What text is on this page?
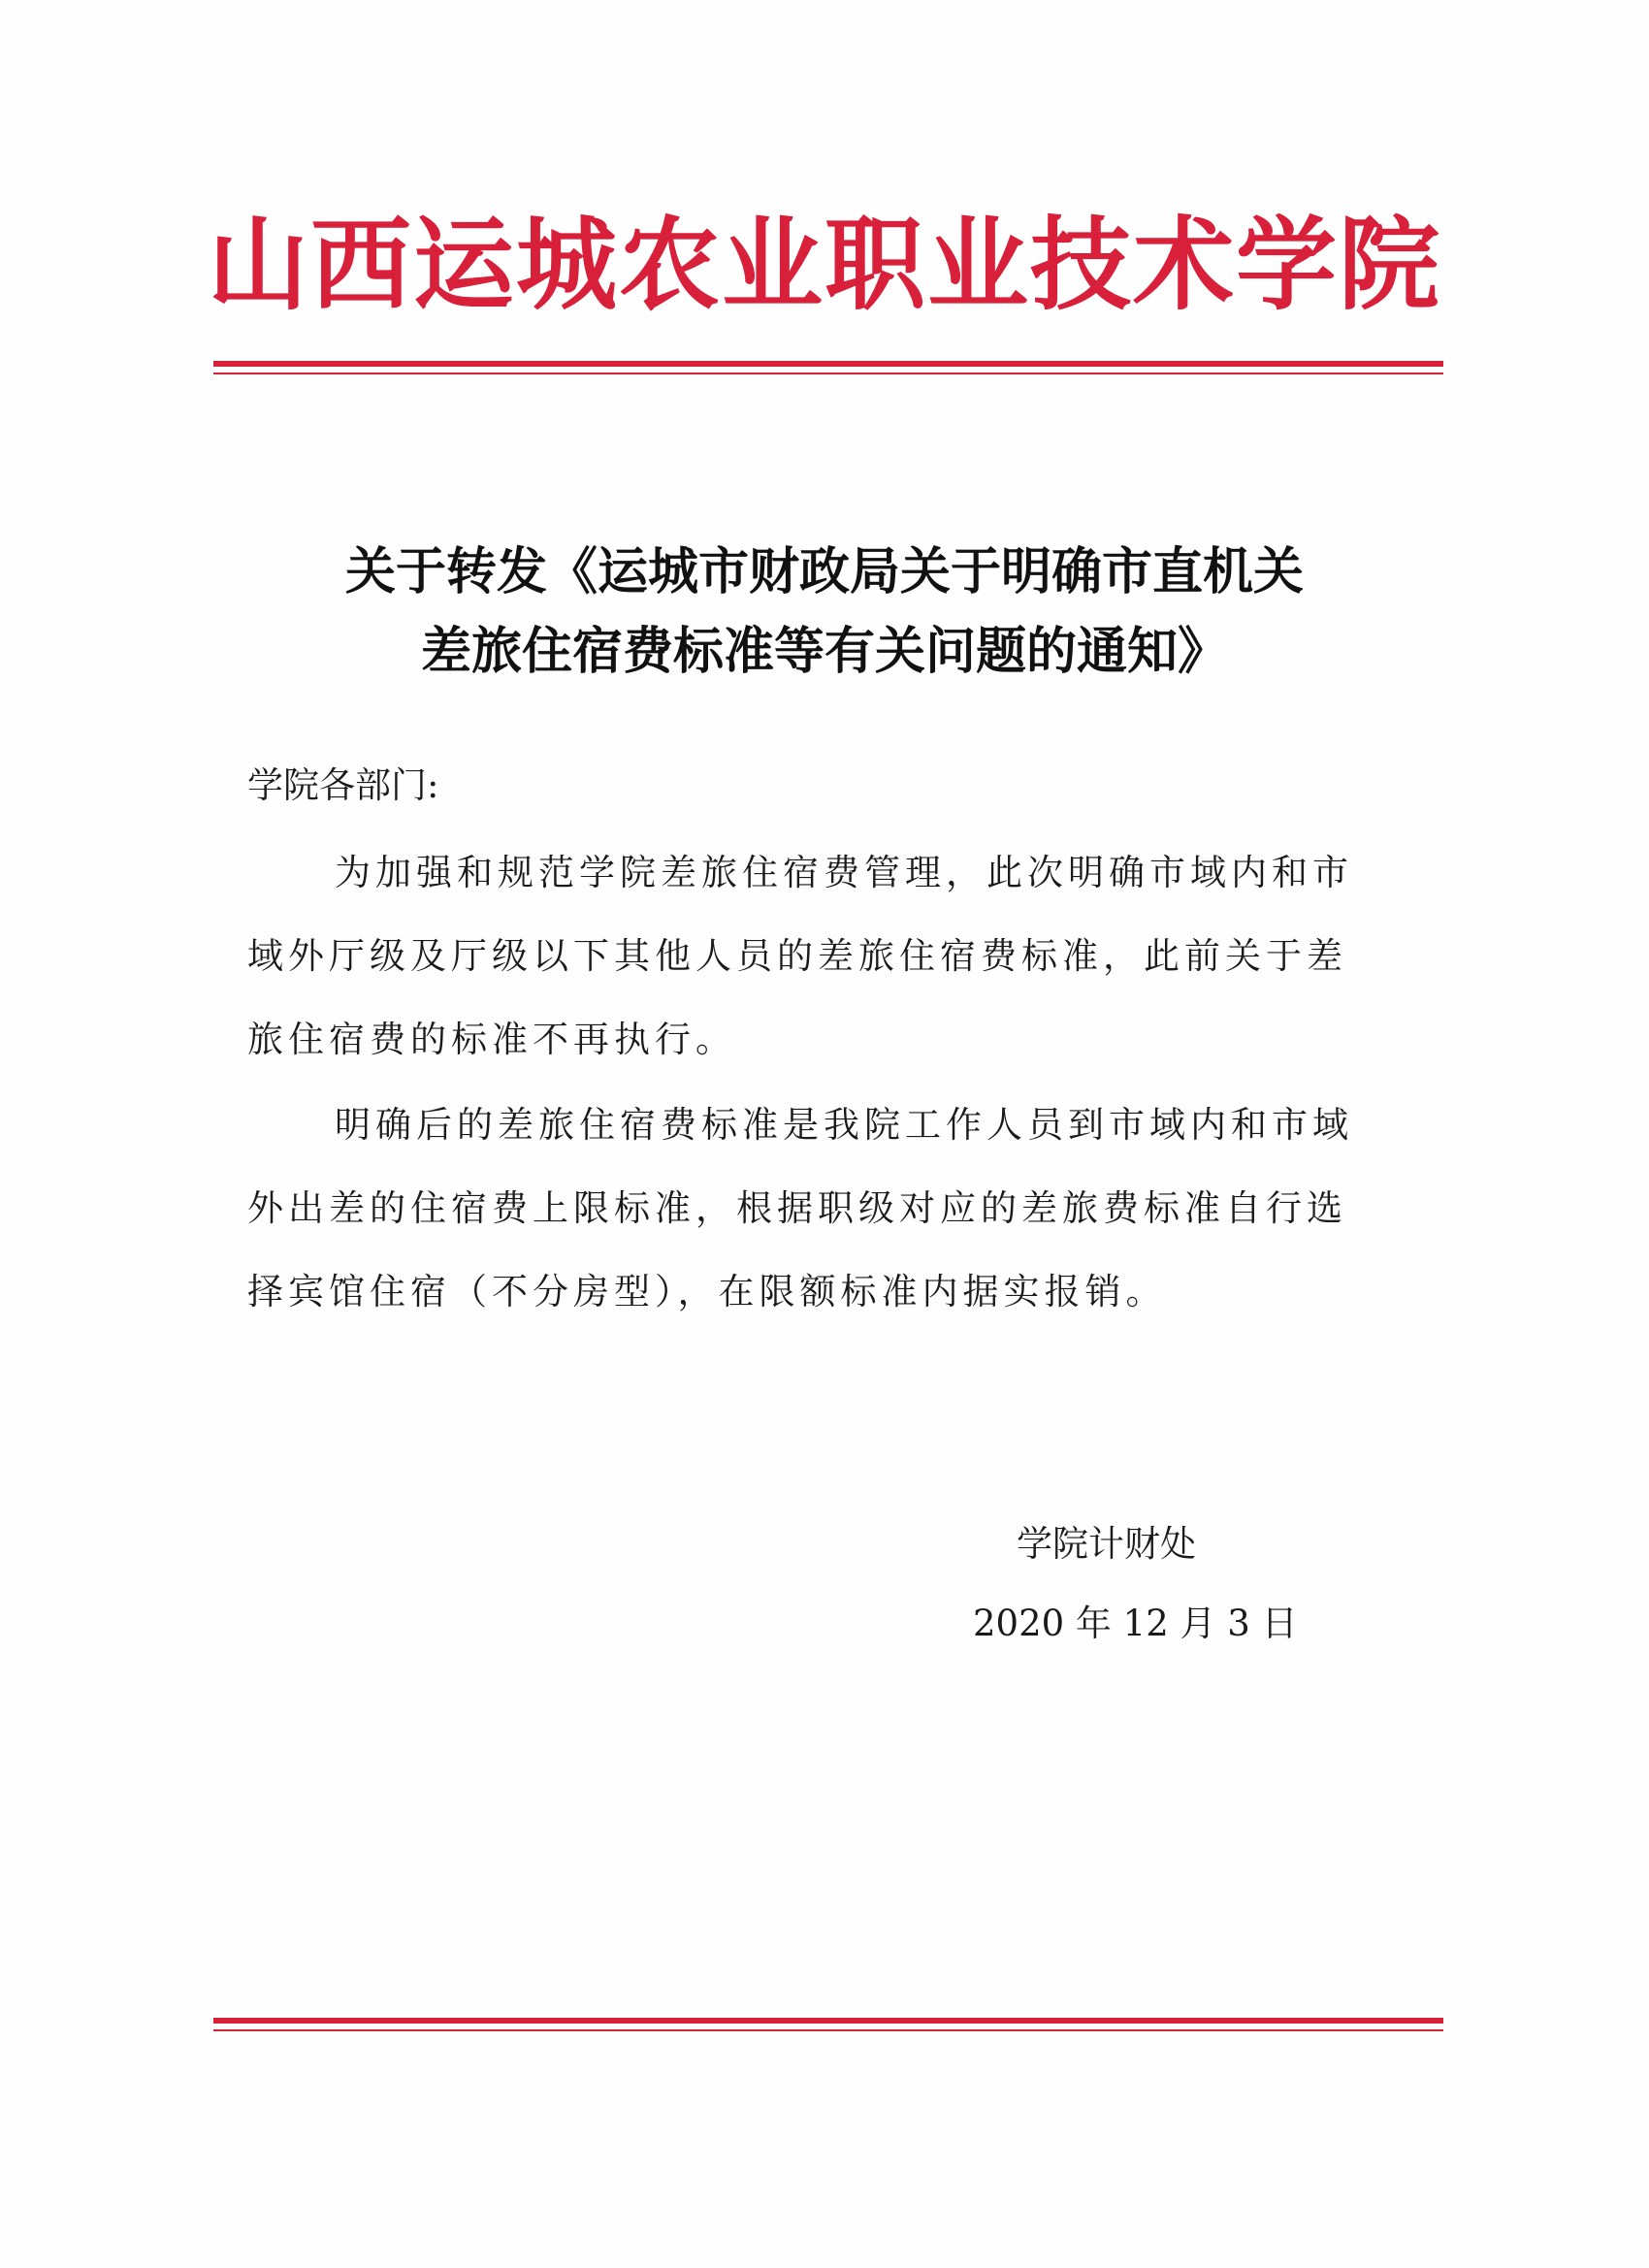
山西运城农业职业技术学院
关于转发《运城市财政局关于明确市直机关
差旅住宿费标准等有关问题的通知》
学院各部门:
为加强和规范学院差旅住宿费管理，此次明确市域内和市
域外厅级及厅级以下其他人员的差旅住宿费标准，此前关于差
旅住宿费的标准不再执行。
明确后的差旅住宿费标准是我院工作人员到市域内和市域
外出差的住宿费上限标准，根据职级对应的差旅费标准自行选
择宾馆住宿（不分房型），在限额标准内据实报销。
学院计财处
2020 年 12 月 3 日
